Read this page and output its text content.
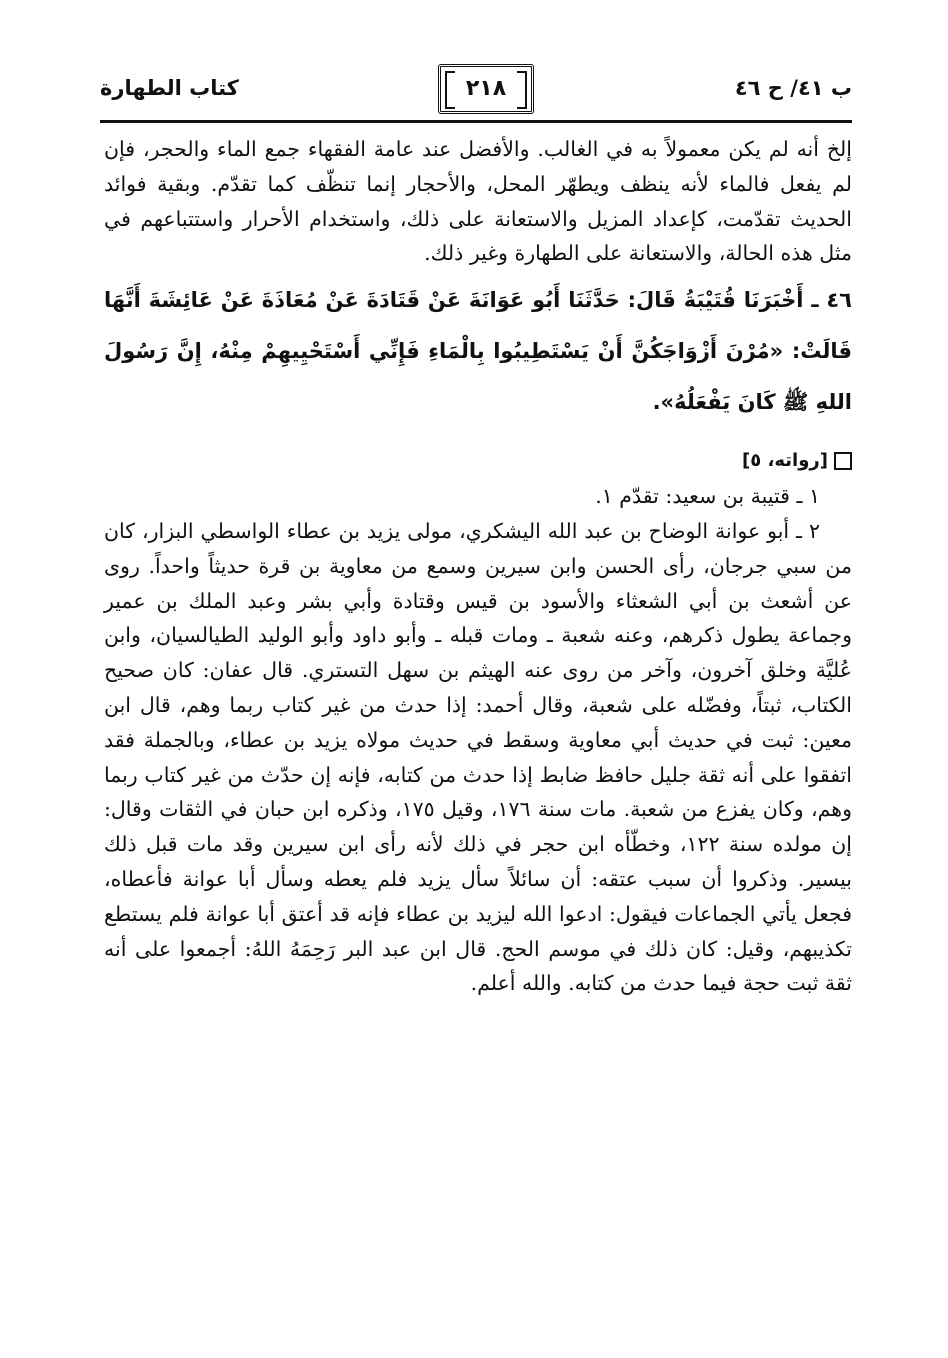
كتاب الطهارة	٢١٨	ب ٤١/ ح ٤٦

إلخ أنه لم يكن معمولاً به في الغالب. والأفضل عند عامة الفقهاء جمع الماء والحجر، فإن لم يفعل فالماء لأنه ينظف ويطهّر المحل، والأحجار إنما تنظّف كما تقدّم. وبقية فوائد الحديث تقدّمت، كإعداد المزيل والاستعانة على ذلك، واستخدام الأحرار واستتباعهم في مثل هذه الحالة، والاستعانة على الطهارة وغير ذلك.

٤٦ ـ أَخْبَرَنَا قُتَيْبَةُ قَالَ: حَدَّثَنَا أَبُو عَوَانَةَ عَنْ قَتَادَةَ عَنْ مُعَاذَةَ عَنْ عَائِشَةَ أَنَّهَا قَالَتْ: «مُرْنَ أَزْوَاجَكُنَّ أَنْ يَسْتَطِيبُوا بِالْمَاءِ فَإِنِّي أَسْتَحْيِيهِمْ مِنْهُ، إِنَّ رَسُولَ اللهِ ﷺ كَانَ يَفْعَلُهُ».

[رواته، ٥]

١ ـ قتيبة بن سعيد: تقدّم ١.

٢ ـ أبو عوانة الوضاح بن عبد الله اليشكري، مولى يزيد بن عطاء الواسطي البزار، كان من سبي جرجان، رأى الحسن وابن سيرين وسمع من معاوية بن قرة حديثاً واحداً. روى عن أشعث بن أبي الشعثاء والأسود بن قيس وقتادة وأبي بشر وعبد الملك بن عمير وجماعة يطول ذكرهم، وعنه شعبة ـ ومات قبله ـ وأبو داود وأبو الوليد الطيالسيان، وابن عُليَّة وخلق آخرون، وآخر من روى عنه الهيثم بن سهل التستري. قال عفان: كان صحيح الكتاب، ثبتاً، وفضّله على شعبة، وقال أحمد: إذا حدث من غير كتاب ربما وهم، قال ابن معين: ثبت في حديث أبي معاوية وسقط في حديث مولاه يزيد بن عطاء، وبالجملة فقد اتفقوا على أنه ثقة جليل حافظ ضابط إذا حدث من كتابه، فإنه إن حدّث من غير كتاب ربما وهم، وكان يفزع من شعبة. مات سنة ١٧٦، وقيل ١٧٥، وذكره ابن حبان في الثقات وقال: إن مولده سنة ١٢٢، وخطّأه ابن حجر في ذلك لأنه رأى ابن سيرين وقد مات قبل ذلك بيسير. وذكروا أن سبب عتقه: أن سائلاً سأل يزيد فلم يعطه وسأل أبا عوانة فأعطاه، فجعل يأتي الجماعات فيقول: ادعوا الله ليزيد بن عطاء فإنه قد أعتق أبا عوانة فلم يستطع تكذيبهم، وقيل: كان ذلك في موسم الحج. قال ابن عبد البر رَحِمَهُ اللهُ: أجمعوا على أنه ثقة ثبت حجة فيما حدث من كتابه. والله أعلم.
